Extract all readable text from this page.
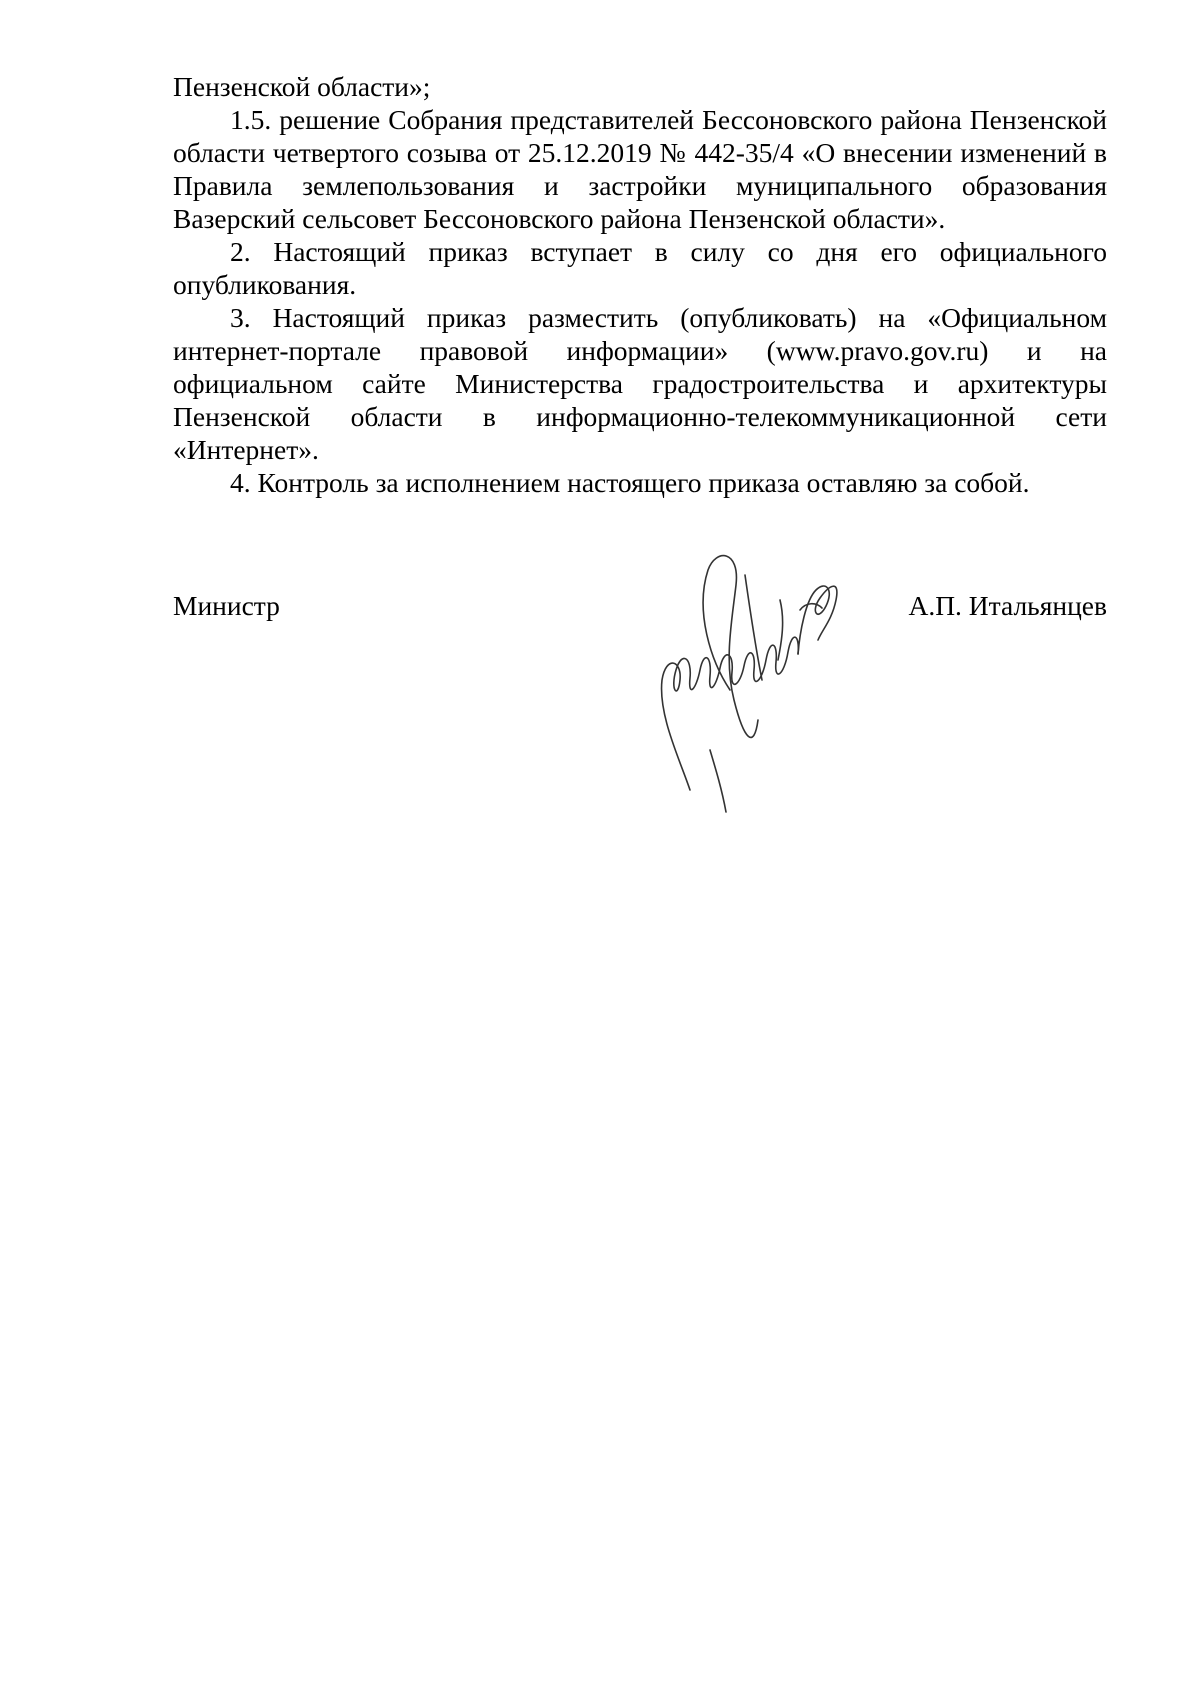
Пензенской области»;

1.5. решение Собрания представителей Бессоновского района Пензенской области четвертого созыва от 25.12.2019 № 442-35/4 «О внесении изменений в Правила землепользования и застройки муниципального образования Вазерский сельсовет Бессоновского района Пензенской области».

2. Настоящий приказ вступает в силу со дня его официального опубликования.

3. Настоящий приказ разместить (опубликовать) на «Официальном интернет-портале правовой информации» (www.pravo.gov.ru) и на официальном сайте Министерства градостроительства и архитектуры Пензенской области в информационно-телекоммуникационной сети «Интернет».

4. Контроль за исполнением настоящего приказа оставляю за собой.

Министр	А.П. Итальянцев
